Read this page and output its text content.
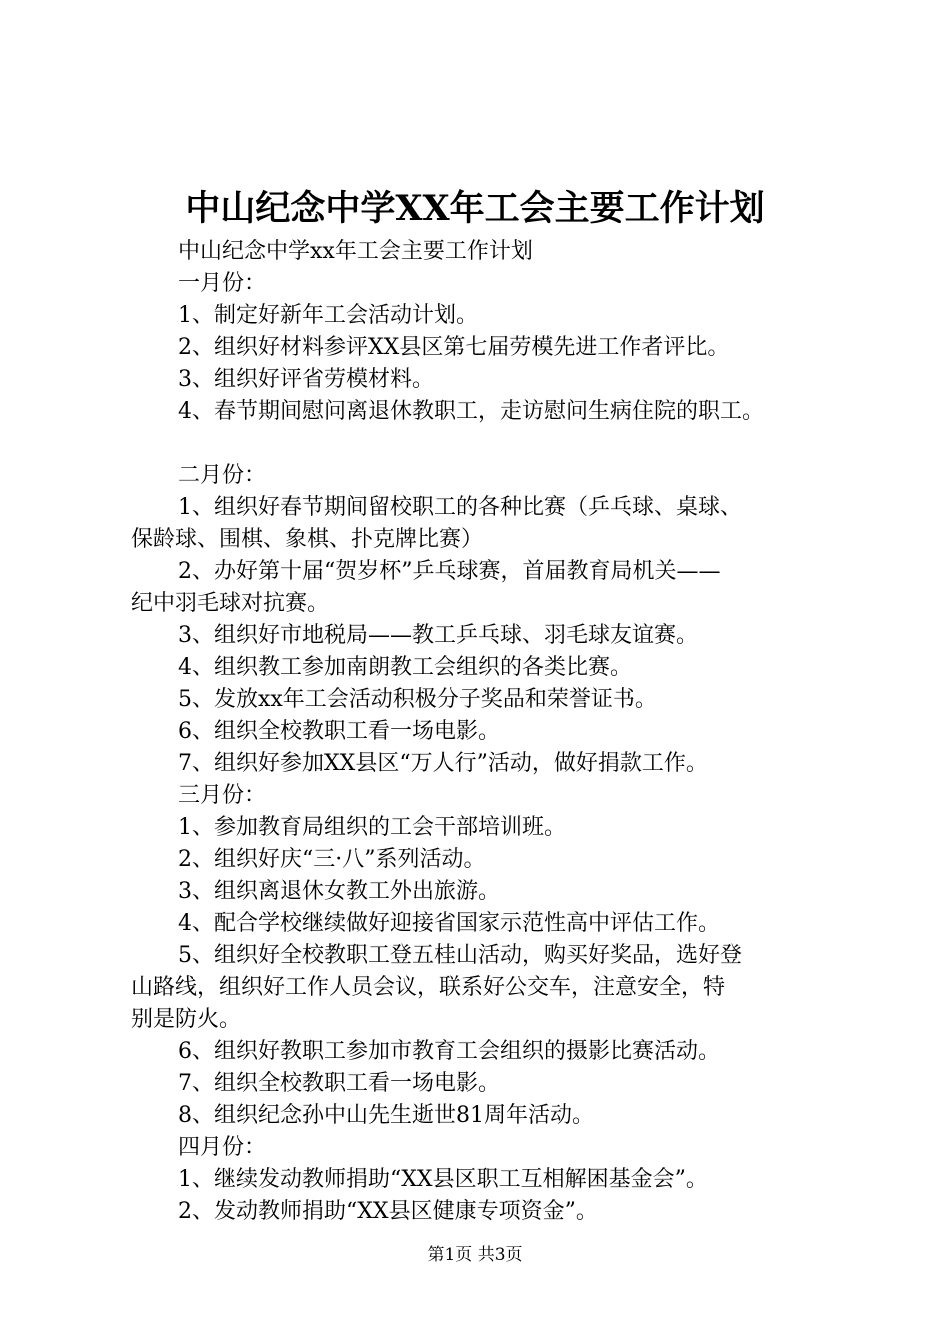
中山纪念中学XX年工会主要工作计划
中山纪念中学xx年工会主要工作计划
一月份：
1、制定好新年工会活动计划。
2、组织好材料参评XX县区第七届劳模先进工作者评比。
3、组织好评省劳模材料。
4、春节期间慰问离退休教职工，走访慰问生病住院的职工。
二月份：
1、组织好春节期间留校职工的各种比赛（乒乓球、桌球、
保龄球、围棋、象棋、扑克牌比赛）
2、办好第十届“贺岁杯”乒乓球赛，首届教育局机关——
纪中羽毛球对抗赛。
3、组织好市地税局——教工乒乓球、羽毛球友谊赛。
4、组织教工参加南朗教工会组织的各类比赛。
5、发放xx年工会活动积极分子奖品和荣誉证书。
6、组织全校教职工看一场电影。
7、组织好参加XX县区“万人行”活动，做好捐款工作。
三月份：
1、参加教育局组织的工会干部培训班。
2、组织好庆“三·八”系列活动。
3、组织离退休女教工外出旅游。
4、配合学校继续做好迎接省国家示范性高中评估工作。
5、组织好全校教职工登五桂山活动，购买好奖品，选好登
山路线，组织好工作人员会议，联系好公交车，注意安全，特
别是防火。
6、组织好教职工参加市教育工会组织的摄影比赛活动。
7、组织全校教职工看一场电影。
8、组织纪念孙中山先生逝世81周年活动。
四月份：
1、继续发动教师捐助“XX县区职工互相解困基金会”。
2、发动教师捐助“XX县区健康专项资金”。
第1页 共3页
